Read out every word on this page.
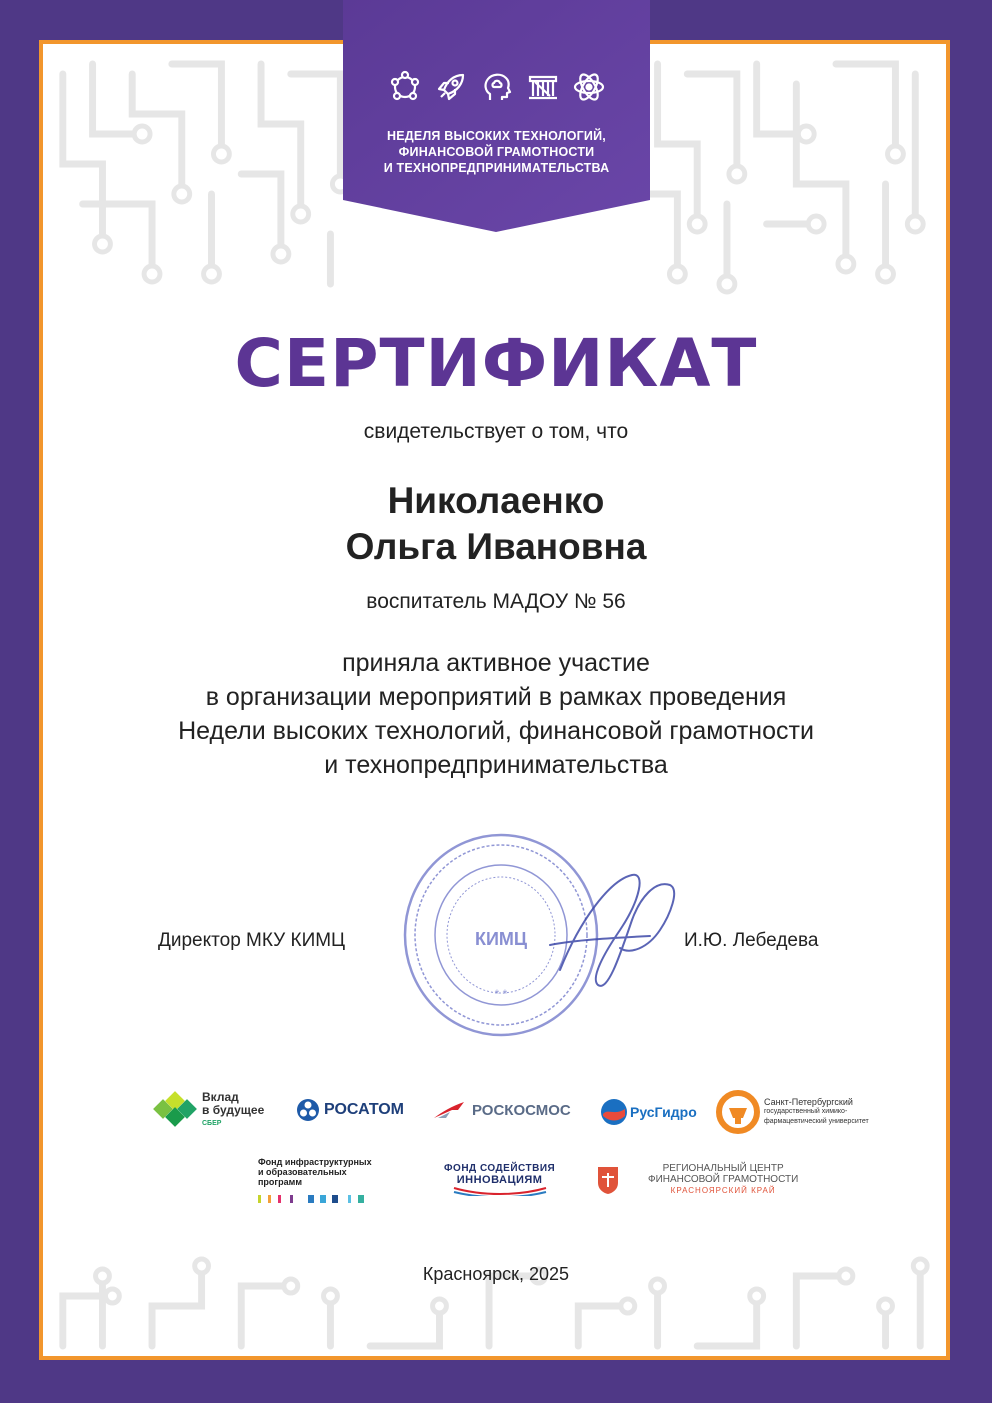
НЕДЕЛЯ ВЫСОКИХ ТЕХНОЛОГИЙ,
ФИНАНСОВОЙ ГРАМОТНОСТИ
И ТЕХНОПРЕДПРИНИМАТЕЛЬСТВА
СЕРТИФИКАТ
свидетельствует о том, что
Николаенко
Ольга Ивановна
воспитатель МАДОУ № 56
приняла активное участие
в организации мероприятий в рамках проведения
Недели высоких технологий, финансовой грамотности
и технопредпринимательства
КИМЦ
* *
Директор МКУ КИМЦ	И.Ю. Лебедева
Вклад
в будущее
СБЕР
РОСАТОМ	РОСКОСМОС	РусГидро
Санкт-Петербургский
государственный химико-
фармацевтический университет
Фонд инфраструктурных
и образовательных
программ
ФОНД СОДЕЙСТВИЯ
ИННОВАЦИЯМ
РЕГИОНАЛЬНЫЙ ЦЕНТР
ФИНАНСОВОЙ ГРАМОТНОСТИ
КРАСНОЯРСКИЙ КРАЙ
Красноярск, 2025
